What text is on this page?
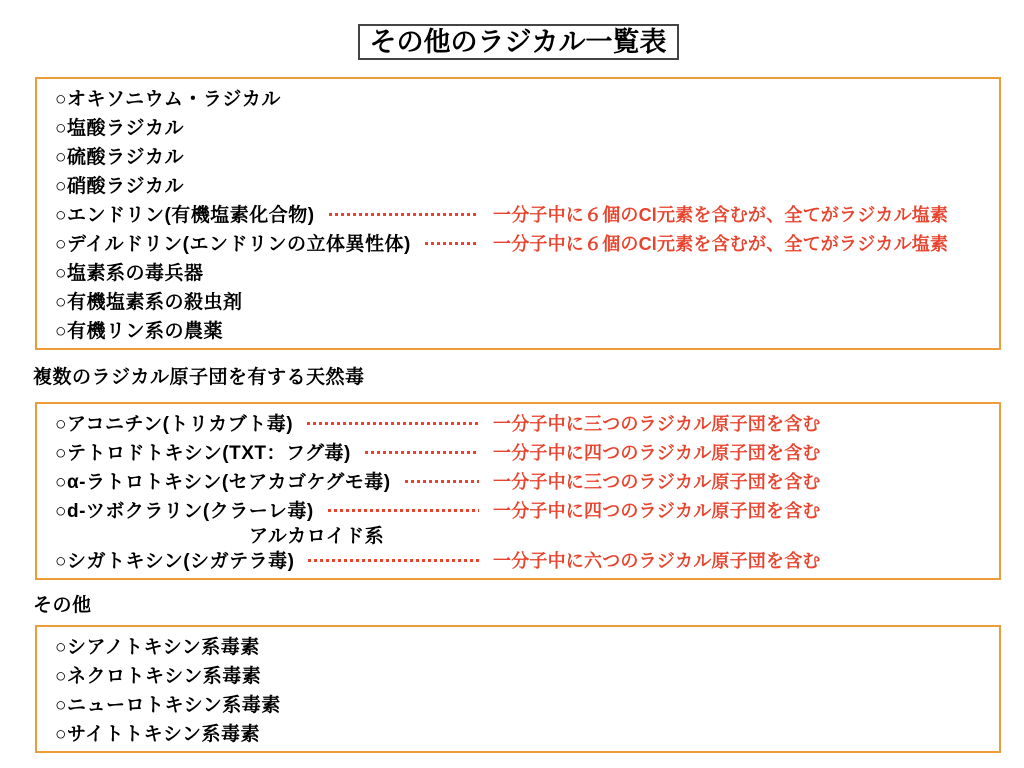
その他のラジカル一覧表
○オキソニウム・ラジカル
○塩酸ラジカル
○硫酸ラジカル
○硝酸ラジカル
○エンドリン(有機塩素化合物)	一分子中に６個のCl元素を含むが、全てがラジカル塩素
○デイルドリン(エンドリンの立体異性体)	一分子中に６個のCl元素を含むが、全てがラジカル塩素
○塩素系の毒兵器
○有機塩素系の殺虫剤
○有機リン系の農薬
複数のラジカル原子団を有する天然毒
○アコニチン(トリカブト毒)	一分子中に三つのラジカル原子団を含む
○テトロドトキシン(TXT：フグ毒)	一分子中に四つのラジカル原子団を含む
○α-ラトロトキシン(セアカゴケグモ毒)	一分子中に三つのラジカル原子団を含む
○d-ツボクラリン(クラーレ毒)	一分子中に四つのラジカル原子団を含む
アルカロイド系
○シガトキシン(シガテラ毒)	一分子中に六つのラジカル原子団を含む
その他
○シアノトキシン系毒素
○ネクロトキシン系毒素
○ニューロトキシン系毒素
○サイトトキシン系毒素
